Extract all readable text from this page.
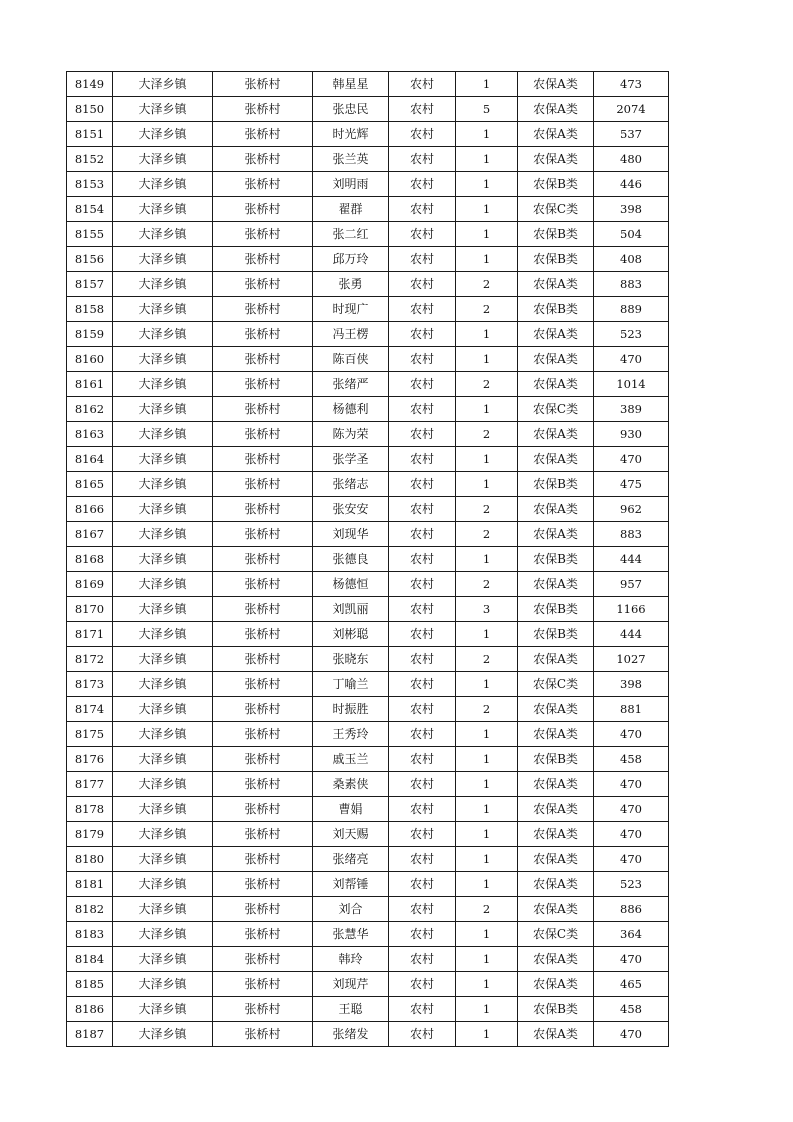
8149	大泽乡镇	张桥村	韩星星	农村	1	农保A类	473
8150	大泽乡镇	张桥村	张忠民	农村	5	农保A类	2074
8151	大泽乡镇	张桥村	时光辉	农村	1	农保A类	537
8152	大泽乡镇	张桥村	张兰英	农村	1	农保A类	480
8153	大泽乡镇	张桥村	刘明雨	农村	1	农保B类	446
8154	大泽乡镇	张桥村	翟群	农村	1	农保C类	398
8155	大泽乡镇	张桥村	张二红	农村	1	农保B类	504
8156	大泽乡镇	张桥村	邱万玲	农村	1	农保B类	408
8157	大泽乡镇	张桥村	张勇	农村	2	农保A类	883
8158	大泽乡镇	张桥村	时现广	农村	2	农保B类	889
8159	大泽乡镇	张桥村	冯王楞	农村	1	农保A类	523
8160	大泽乡镇	张桥村	陈百侠	农村	1	农保A类	470
8161	大泽乡镇	张桥村	张绪严	农村	2	农保A类	1014
8162	大泽乡镇	张桥村	杨德利	农村	1	农保C类	389
8163	大泽乡镇	张桥村	陈为荣	农村	2	农保A类	930
8164	大泽乡镇	张桥村	张学圣	农村	1	农保A类	470
8165	大泽乡镇	张桥村	张绪志	农村	1	农保B类	475
8166	大泽乡镇	张桥村	张安安	农村	2	农保A类	962
8167	大泽乡镇	张桥村	刘现华	农村	2	农保A类	883
8168	大泽乡镇	张桥村	张德良	农村	1	农保B类	444
8169	大泽乡镇	张桥村	杨德恒	农村	2	农保A类	957
8170	大泽乡镇	张桥村	刘凯丽	农村	3	农保B类	1166
8171	大泽乡镇	张桥村	刘彬聪	农村	1	农保B类	444
8172	大泽乡镇	张桥村	张晓东	农村	2	农保A类	1027
8173	大泽乡镇	张桥村	丁喻兰	农村	1	农保C类	398
8174	大泽乡镇	张桥村	时振胜	农村	2	农保A类	881
8175	大泽乡镇	张桥村	王秀玲	农村	1	农保A类	470
8176	大泽乡镇	张桥村	戚玉兰	农村	1	农保B类	458
8177	大泽乡镇	张桥村	桑素侠	农村	1	农保A类	470
8178	大泽乡镇	张桥村	曹娟	农村	1	农保A类	470
8179	大泽乡镇	张桥村	刘天赐	农村	1	农保A类	470
8180	大泽乡镇	张桥村	张绪亮	农村	1	农保A类	470
8181	大泽乡镇	张桥村	刘帮锤	农村	1	农保A类	523
8182	大泽乡镇	张桥村	刘合	农村	2	农保A类	886
8183	大泽乡镇	张桥村	张慧华	农村	1	农保C类	364
8184	大泽乡镇	张桥村	韩玲	农村	1	农保A类	470
8185	大泽乡镇	张桥村	刘现芹	农村	1	农保A类	465
8186	大泽乡镇	张桥村	王聪	农村	1	农保B类	458
8187	大泽乡镇	张桥村	张绪发	农村	1	农保A类	470
